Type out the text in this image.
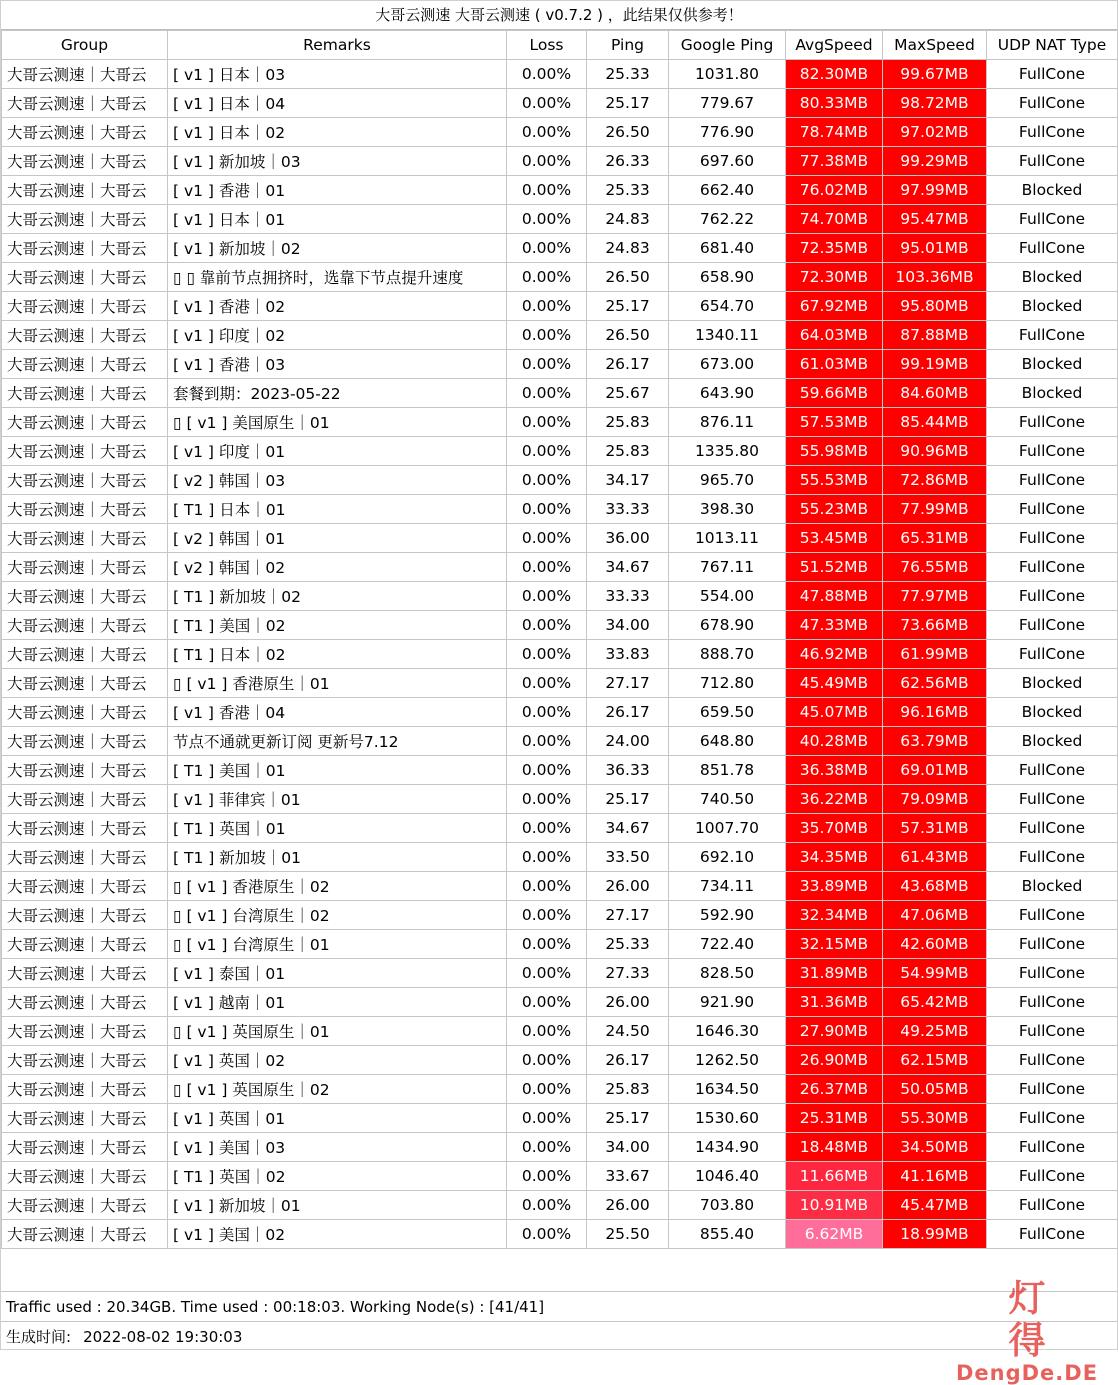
大哥云测速 大哥云测速 ( v0.7.2 ) ，此结果仅供参考！
Group	Remarks	Loss	Ping	Google Ping	AvgSpeed	MaxSpeed	UDP NAT Type
大哥云测速｜大哥云	[ v1 ] 日本｜03	0.00%	25.33	1031.80	82.30MB	99.67MB	FullCone
大哥云测速｜大哥云	[ v1 ] 日本｜04	0.00%	25.17	779.67	80.33MB	98.72MB	FullCone
大哥云测速｜大哥云	[ v1 ] 日本｜02	0.00%	26.50	776.90	78.74MB	97.02MB	FullCone
大哥云测速｜大哥云	[ v1 ] 新加坡｜03	0.00%	26.33	697.60	77.38MB	99.29MB	FullCone
大哥云测速｜大哥云	[ v1 ] 香港｜01	0.00%	25.33	662.40	76.02MB	97.99MB	Blocked
大哥云测速｜大哥云	[ v1 ] 日本｜01	0.00%	24.83	762.22	74.70MB	95.47MB	FullCone
大哥云测速｜大哥云	[ v1 ] 新加坡｜02	0.00%	24.83	681.40	72.35MB	95.01MB	FullCone
大哥云测速｜大哥云	▯ ▯ 靠前节点拥挤时，选靠下节点提升速度	0.00%	26.50	658.90	72.30MB	103.36MB	Blocked
大哥云测速｜大哥云	[ v1 ] 香港｜02	0.00%	25.17	654.70	67.92MB	95.80MB	Blocked
大哥云测速｜大哥云	[ v1 ] 印度｜02	0.00%	26.50	1340.11	64.03MB	87.88MB	FullCone
大哥云测速｜大哥云	[ v1 ] 香港｜03	0.00%	26.17	673.00	61.03MB	99.19MB	Blocked
大哥云测速｜大哥云	套餐到期：2023-05-22	0.00%	25.67	643.90	59.66MB	84.60MB	Blocked
大哥云测速｜大哥云	▯ [ v1 ] 美国原生｜01	0.00%	25.83	876.11	57.53MB	85.44MB	FullCone
大哥云测速｜大哥云	[ v1 ] 印度｜01	0.00%	25.83	1335.80	55.98MB	90.96MB	FullCone
大哥云测速｜大哥云	[ v2 ] 韩国｜03	0.00%	34.17	965.70	55.53MB	72.86MB	FullCone
大哥云测速｜大哥云	[ T1 ] 日本｜01	0.00%	33.33	398.30	55.23MB	77.99MB	FullCone
大哥云测速｜大哥云	[ v2 ] 韩国｜01	0.00%	36.00	1013.11	53.45MB	65.31MB	FullCone
大哥云测速｜大哥云	[ v2 ] 韩国｜02	0.00%	34.67	767.11	51.52MB	76.55MB	FullCone
大哥云测速｜大哥云	[ T1 ] 新加坡｜02	0.00%	33.33	554.00	47.88MB	77.97MB	FullCone
大哥云测速｜大哥云	[ T1 ] 美国｜02	0.00%	34.00	678.90	47.33MB	73.66MB	FullCone
大哥云测速｜大哥云	[ T1 ] 日本｜02	0.00%	33.83	888.70	46.92MB	61.99MB	FullCone
大哥云测速｜大哥云	▯ [ v1 ] 香港原生｜01	0.00%	27.17	712.80	45.49MB	62.56MB	Blocked
大哥云测速｜大哥云	[ v1 ] 香港｜04	0.00%	26.17	659.50	45.07MB	96.16MB	Blocked
大哥云测速｜大哥云	节点不通就更新订阅 更新号7.12	0.00%	24.00	648.80	40.28MB	63.79MB	Blocked
大哥云测速｜大哥云	[ T1 ] 美国｜01	0.00%	36.33	851.78	36.38MB	69.01MB	FullCone
大哥云测速｜大哥云	[ v1 ] 菲律宾｜01	0.00%	25.17	740.50	36.22MB	79.09MB	FullCone
大哥云测速｜大哥云	[ T1 ] 英国｜01	0.00%	34.67	1007.70	35.70MB	57.31MB	FullCone
大哥云测速｜大哥云	[ T1 ] 新加坡｜01	0.00%	33.50	692.10	34.35MB	61.43MB	FullCone
大哥云测速｜大哥云	▯ [ v1 ] 香港原生｜02	0.00%	26.00	734.11	33.89MB	43.68MB	Blocked
大哥云测速｜大哥云	▯ [ v1 ] 台湾原生｜02	0.00%	27.17	592.90	32.34MB	47.06MB	FullCone
大哥云测速｜大哥云	▯ [ v1 ] 台湾原生｜01	0.00%	25.33	722.40	32.15MB	42.60MB	FullCone
大哥云测速｜大哥云	[ v1 ] 泰国｜01	0.00%	27.33	828.50	31.89MB	54.99MB	FullCone
大哥云测速｜大哥云	[ v1 ] 越南｜01	0.00%	26.00	921.90	31.36MB	65.42MB	FullCone
大哥云测速｜大哥云	▯ [ v1 ] 英国原生｜01	0.00%	24.50	1646.30	27.90MB	49.25MB	FullCone
大哥云测速｜大哥云	[ v1 ] 英国｜02	0.00%	26.17	1262.50	26.90MB	62.15MB	FullCone
大哥云测速｜大哥云	▯ [ v1 ] 英国原生｜02	0.00%	25.83	1634.50	26.37MB	50.05MB	FullCone
大哥云测速｜大哥云	[ v1 ] 英国｜01	0.00%	25.17	1530.60	25.31MB	55.30MB	FullCone
大哥云测速｜大哥云	[ v1 ] 美国｜03	0.00%	34.00	1434.90	18.48MB	34.50MB	FullCone
大哥云测速｜大哥云	[ T1 ] 英国｜02	0.00%	33.67	1046.40	11.66MB	41.16MB	FullCone
大哥云测速｜大哥云	[ v1 ] 新加坡｜01	0.00%	26.00	703.80	10.91MB	45.47MB	FullCone
大哥云测速｜大哥云	[ v1 ] 美国｜02	0.00%	25.50	855.40	6.62MB	18.99MB	FullCone
Traffic used : 20.34GB. Time used : 00:18:03. Working Node(s) : [41/41]
生成时间: 2022-08-02 19:30:03
灯得
DengDe.DE
